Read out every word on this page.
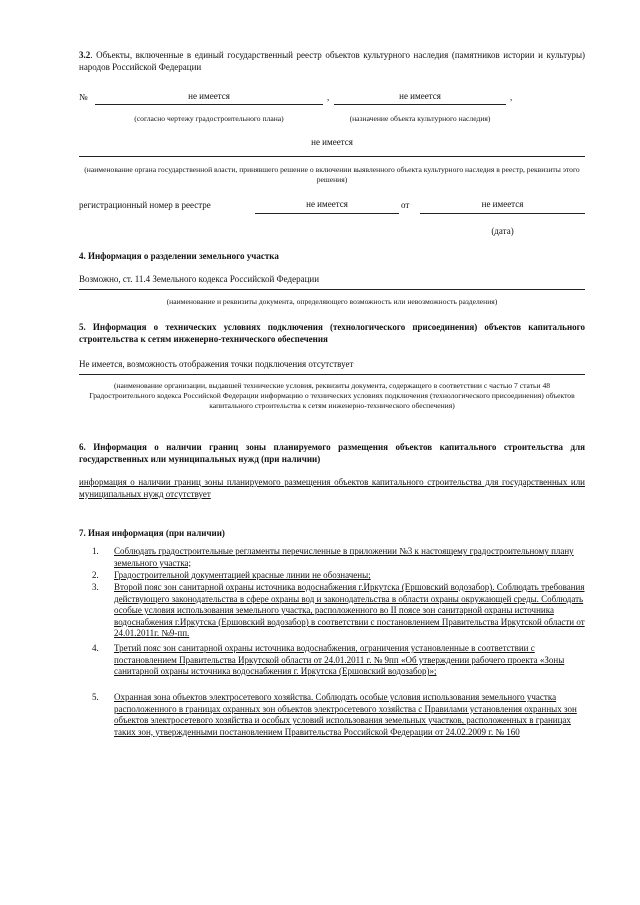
3.2. Объекты, включенные в единый государственный реестр объектов культурного наследия (памятников истории и культуры) народов Российской Федерации
№	не имеется	,	не имеется	,
(согласно чертежу градостроительного плана)	(назначение объекта культурного наследия)
не имеется
(наименование органа государственной власти, принявшего решение о включении выявленного объекта культурного наследия в реестр, реквизиты этого решения)
регистрационный номер в реестре	не имеется	от	не имеется
(дата)
4. Информация о разделении земельного участка
Возможно, ст. 11.4 Земельного кодекса Российской Федерации
(наименование и реквизиты документа, определяющего возможность или невозможность разделения)
5. Информация о технических условиях подключения (технологического присоединения) объектов капитального строительства к сетям инженерно-технического обеспечения
Не имеется, возможность отображения точки подключения отсутствует
(наименование организации, выдавшей технические условия, реквизиты документа, содержащего в соответствии с частью 7 статьи 48 Градостроительного кодекса Российской Федерации информацию о технических условиях подключения (технологического присоединения) объектов капитального строительства к сетям инженерно-технического обеспечения)
6. Информация о наличии границ зоны планируемого размещения объектов капитального строительства для государственных или муниципальных нужд (при наличии)
информация о наличии границ зоны планируемого размещения объектов капитального строительства для государственных или муниципальных нужд отсутствует
7. Иная информация (при наличии)
1.	Соблюдать градостроительные регламенты перечисленные в приложении №3 к настоящему градостроительному плану земельного участка;
2.	Градостроительной документацией красные линии не обозначены;
3.	Второй пояс зон санитарной охраны источника водоснабжения г.Иркутска (Ершовский водозабор). Соблюдать требования действующего законодательства в сфере охраны вод и законодательства в области охраны окружающей среды. Соблюдать особые условия использования земельного участка, расположенного во II поясе зон санитарной охраны источника водоснабжения г.Иркутска (Ершовский водозабор) в соответствии с постановлением Правительства Иркутской области от 24.01.2011г. №9-пп.
4.	Третий пояс зон санитарной охраны источника водоснабжения, ограничения установленные в соответствии с постановлением Правительства Иркутской области от 24.01.2011 г. № 9пп «Об утверждении рабочего проекта «Зоны санитарной охраны источника водоснабжения г. Иркутска (Ершовский водозабор)»;
5.	Охранная зона объектов электросетевого хозяйства. Соблюдать особые условия использования земельного участка расположенного в границах охранных зон объектов электросетевого хозяйства с Правилами установления охранных зон объектов электросетевого хозяйства и особых условий использования земельных участков, расположенных в границах таких зон, утвержденными постановлением Правительства Российской Федерации от 24.02.2009 г. № 160
